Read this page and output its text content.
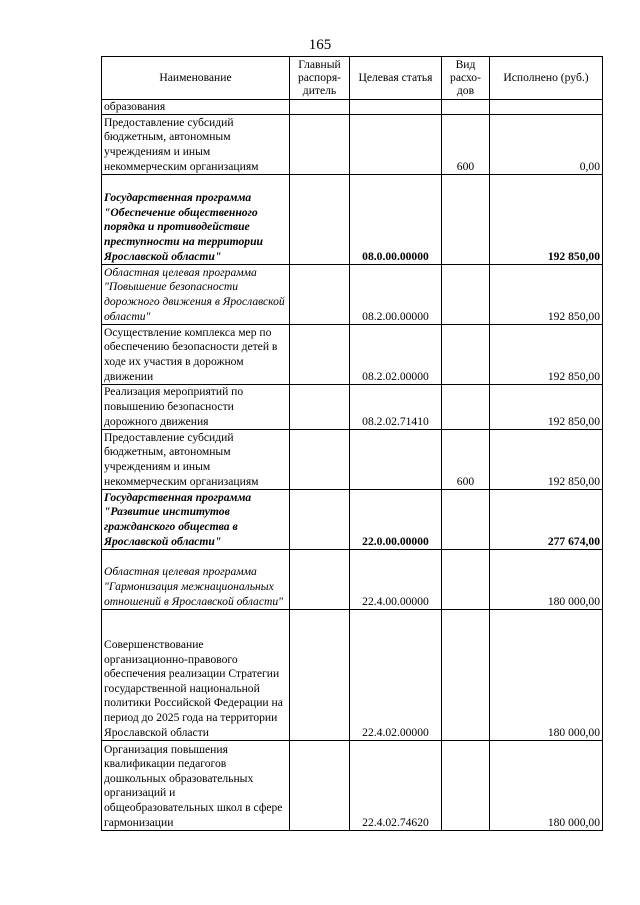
165
Наименование	Главный распоря-дитель	Целевая статья	Вид расхо-дов	Исполнено (руб.)
образования				
Предоставление субсидий бюджетным, автономным учреждениям и иным некоммерческим организациям			600	0,00
Государственная программа "Обеспечение общественного порядка и противодействие преступности на территории Ярославской области"		08.0.00.00000		192 850,00
Областная целевая программа "Повышение безопасности дорожного движения в Ярославской области"		08.2.00.00000		192 850,00
Осуществление комплекса мер по обеспечению безопасности детей в ходе их участия в дорожном движении		08.2.02.00000		192 850,00
Реализация мероприятий по повышению безопасности дорожного движения		08.2.02.71410		192 850,00
Предоставление субсидий бюджетным, автономным учреждениям и иным некоммерческим организациям			600	192 850,00
Государственная программа "Развитие институтов гражданского общества в Ярославской области"		22.0.00.00000		277 674,00
Областная целевая программа "Гармонизация межнациональных отношений в Ярославской области"		22.4.00.00000		180 000,00
Совершенствование организационно-правового обеспечения реализации Стратегии государственной национальной политики Российской Федерации на период до 2025 года на территории Ярославской области		22.4.02.00000		180 000,00
Организация повышения квалификации педагогов дошкольных образовательных организаций и общеобразовательных школ в сфере гармонизации		22.4.02.74620		180 000,00
